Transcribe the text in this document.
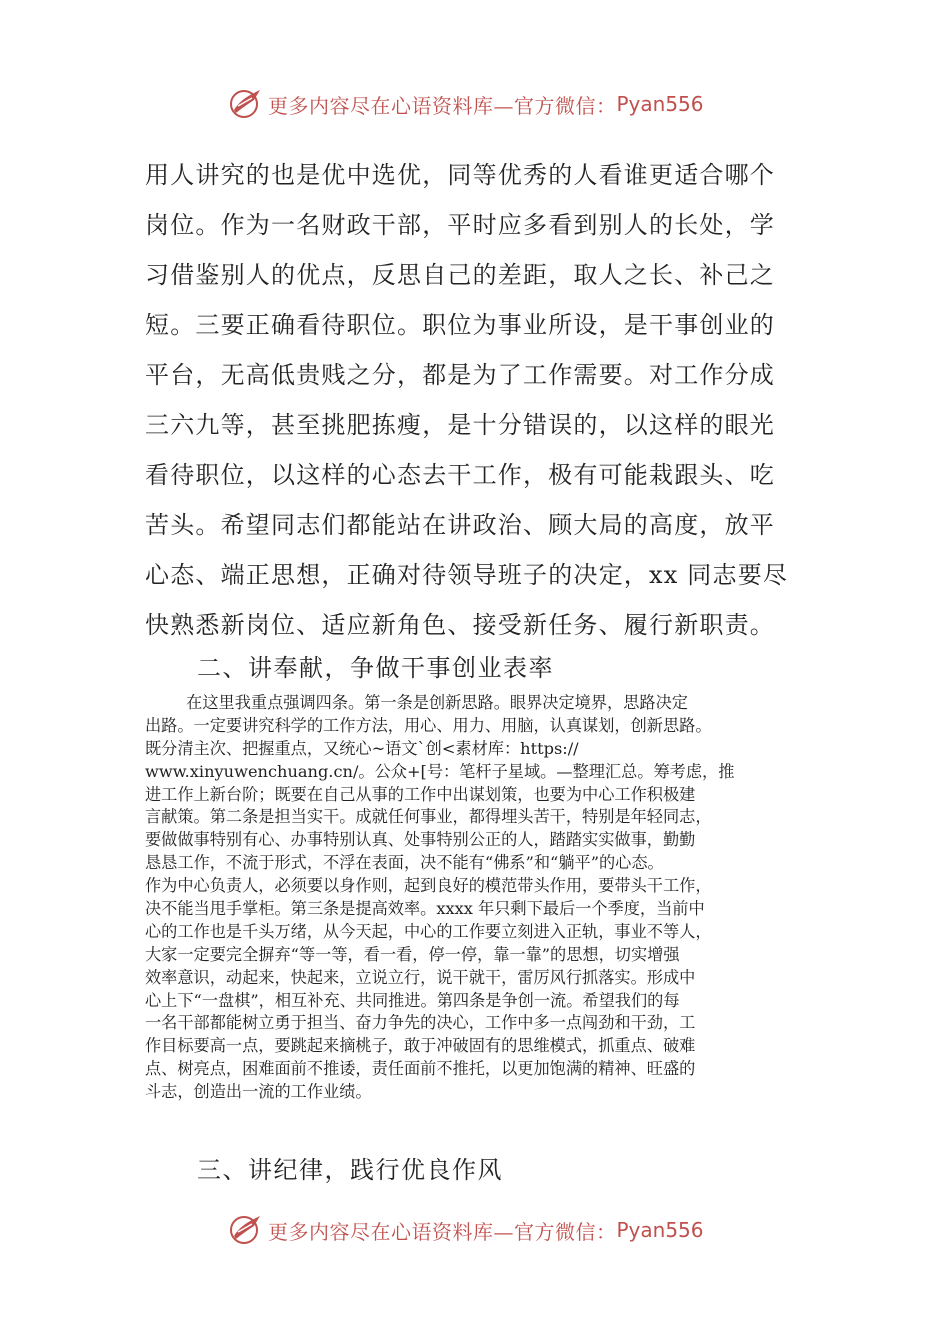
更多内容尽在心语资料库—官方微信： Pyan556
用人讲究的也是优中选优，同等优秀的人看谁更适合哪个
岗位。作为一名财政干部，平时应多看到别人的长处，学
习借鉴别人的优点，反思自己的差距，取人之长、补己之
短。三要正确看待职位。职位为事业所设，是干事创业的
平台，无高低贵贱之分，都是为了工作需要。对工作分成
三六九等，甚至挑肥拣瘦，是十分错误的，以这样的眼光
看待职位，以这样的心态去干工作，极有可能栽跟头、吃
苦头。希望同志们都能站在讲政治、顾大局的高度，放平
心态、端正思想，正确对待领导班子的决定，xx 同志要尽
快熟悉新岗位、适应新角色、接受新任务、履行新职责。
二、讲奉献，争做干事创业表率
在这里我重点强调四条。第一条是创新思路。眼界决定境界，思路决定
出路。一定要讲究科学的工作方法，用心、用力、用脑，认真谋划，创新思路。
既分清主次、把握重点，又统心~语文`创<素材库：https://
www.xinyuwenchuang.cn/。公众+[号：笔杆子星域。—整理汇总。筹考虑，推
进工作上新台阶；既要在自己从事的工作中出谋划策，也要为中心工作积极建
言献策。第二条是担当实干。成就任何事业，都得埋头苦干，特别是年轻同志，
要做做事特别有心、办事特别认真、处事特别公正的人，踏踏实实做事，勤勤
恳恳工作，不流于形式，不浮在表面，决不能有“佛系”和“躺平”的心态。
作为中心负责人，必须要以身作则，起到良好的模范带头作用，要带头干工作，
决不能当甩手掌柜。第三条是提高效率。xxxx 年只剩下最后一个季度，当前中
心的工作也是千头万绪，从今天起，中心的工作要立刻进入正轨，事业不等人，
大家一定要完全摒弃“等一等，看一看，停一停，靠一靠”的思想，切实增强
效率意识，动起来，快起来，立说立行，说干就干，雷厉风行抓落实。形成中
心上下“一盘棋”，相互补充、共同推进。第四条是争创一流。希望我们的每
一名干部都能树立勇于担当、奋力争先的决心，工作中多一点闯劲和干劲，工
作目标要高一点，要跳起来摘桃子，敢于冲破固有的思维模式，抓重点、破难
点、树亮点，困难面前不推诿，责任面前不推托，以更加饱满的精神、旺盛的
斗志，创造出一流的工作业绩。
三、讲纪律，践行优良作风
更多内容尽在心语资料库—官方微信： Pyan556
